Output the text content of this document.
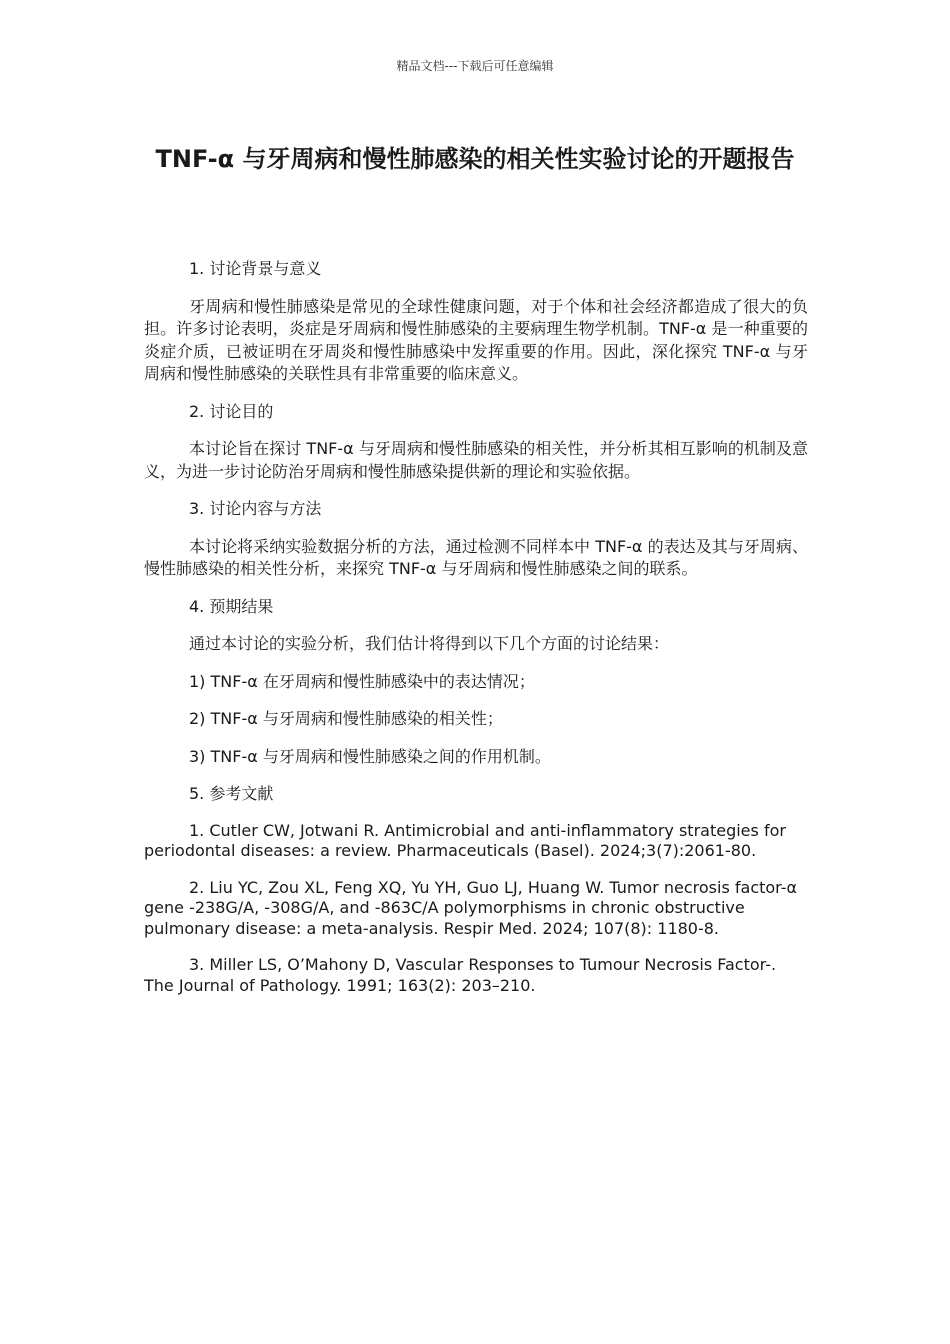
精品文档---下载后可任意编辑
TNF-α 与牙周病和慢性肺感染的相关性实验讨论的开题报告
1. 讨论背景与意义
牙周病和慢性肺感染是常见的全球性健康问题，对于个体和社会经济都造成了很大的负担。许多讨论表明，炎症是牙周病和慢性肺感染的主要病理生物学机制。TNF-α 是一种重要的炎症介质，已被证明在牙周炎和慢性肺感染中发挥重要的作用。因此，深化探究 TNF-α 与牙周病和慢性肺感染的关联性具有非常重要的临床意义。
2. 讨论目的
本讨论旨在探讨 TNF-α 与牙周病和慢性肺感染的相关性，并分析其相互影响的机制及意义，为进一步讨论防治牙周病和慢性肺感染提供新的理论和实验依据。
3. 讨论内容与方法
本讨论将采纳实验数据分析的方法，通过检测不同样本中 TNF-α 的表达及其与牙周病、慢性肺感染的相关性分析，来探究 TNF-α 与牙周病和慢性肺感染之间的联系。
4. 预期结果
通过本讨论的实验分析，我们估计将得到以下几个方面的讨论结果：
1) TNF-α 在牙周病和慢性肺感染中的表达情况；
2) TNF-α 与牙周病和慢性肺感染的相关性；
3) TNF-α 与牙周病和慢性肺感染之间的作用机制。
5. 参考文献
1. Cutler CW, Jotwani R. Antimicrobial and anti-inflammatory strategies for periodontal diseases: a review. Pharmaceuticals (Basel). 2024;3(7):2061-80.
2. Liu YC, Zou XL, Feng XQ, Yu YH, Guo LJ, Huang W. Tumor necrosis factor-α gene -238G/A, -308G/A, and -863C/A polymorphisms in chronic obstructive pulmonary disease: a meta-analysis. Respir Med. 2024; 107(8): 1180-8.
3. Miller LS, O’Mahony D, Vascular Responses to Tumour Necrosis Factor-. The Journal of Pathology. 1991; 163(2): 203–210.
